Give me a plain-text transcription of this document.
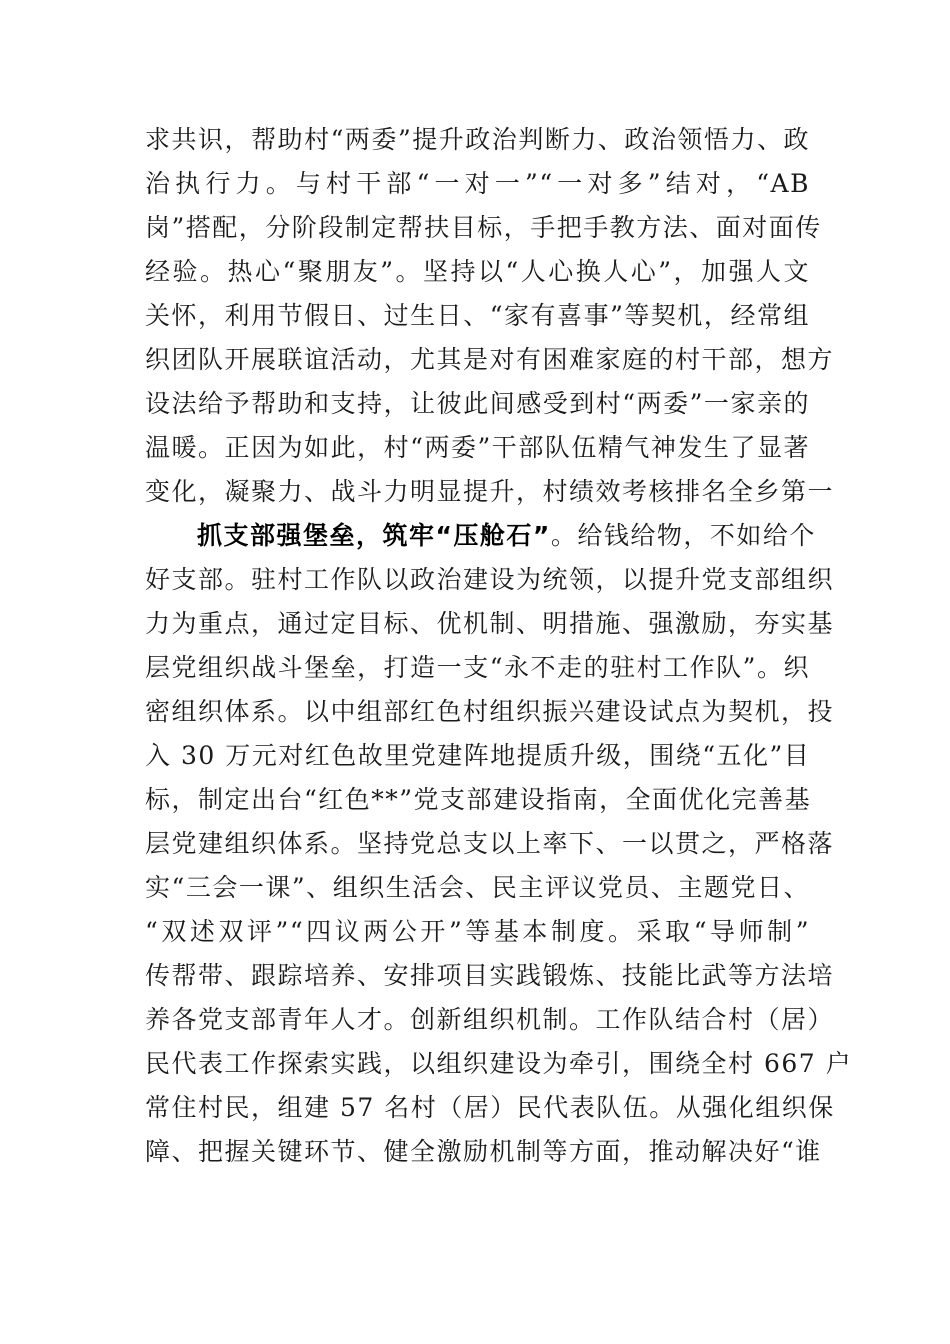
求共识，帮助村“两委”提升政治判断力、政治领悟力、政
治执行力。与村干部“一对一”“一对多”结对，“AB
岗”搭配，分阶段制定帮扶目标，手把手教方法、面对面传
经验。热心“聚朋友”。坚持以“人心换人心”，加强人文
关怀，利用节假日、过生日、“家有喜事”等契机，经常组
织团队开展联谊活动，尤其是对有困难家庭的村干部，想方
设法给予帮助和支持，让彼此间感受到村“两委”一家亲的
温暖。正因为如此，村“两委”干部队伍精气神发生了显著
变化，凝聚力、战斗力明显提升，村绩效考核排名全乡第一
抓支部强堡垒，筑牢“压舱石”。给钱给物，不如给个
好支部。驻村工作队以政治建设为统领，以提升党支部组织
力为重点，通过定目标、优机制、明措施、强激励，夯实基
层党组织战斗堡垒，打造一支“永不走的驻村工作队”。织
密组织体系。以中组部红色村组织振兴建设试点为契机，投
入 30 万元对红色故里党建阵地提质升级，围绕“五化”目
标，制定出台“红色**”党支部建设指南，全面优化完善基
层党建组织体系。坚持党总支以上率下、一以贯之，严格落
实“三会一课”、组织生活会、民主评议党员、主题党日、
“双述双评”“四议两公开”等基本制度。采取“导师制”
传帮带、跟踪培养、安排项目实践锻炼、技能比武等方法培
养各党支部青年人才。创新组织机制。工作队结合村（居）
民代表工作探索实践，以组织建设为牵引，围绕全村 667 户
常住村民，组建 57 名村（居）民代表队伍。从强化组织保
障、把握关键环节、健全激励机制等方面，推动解决好“谁
